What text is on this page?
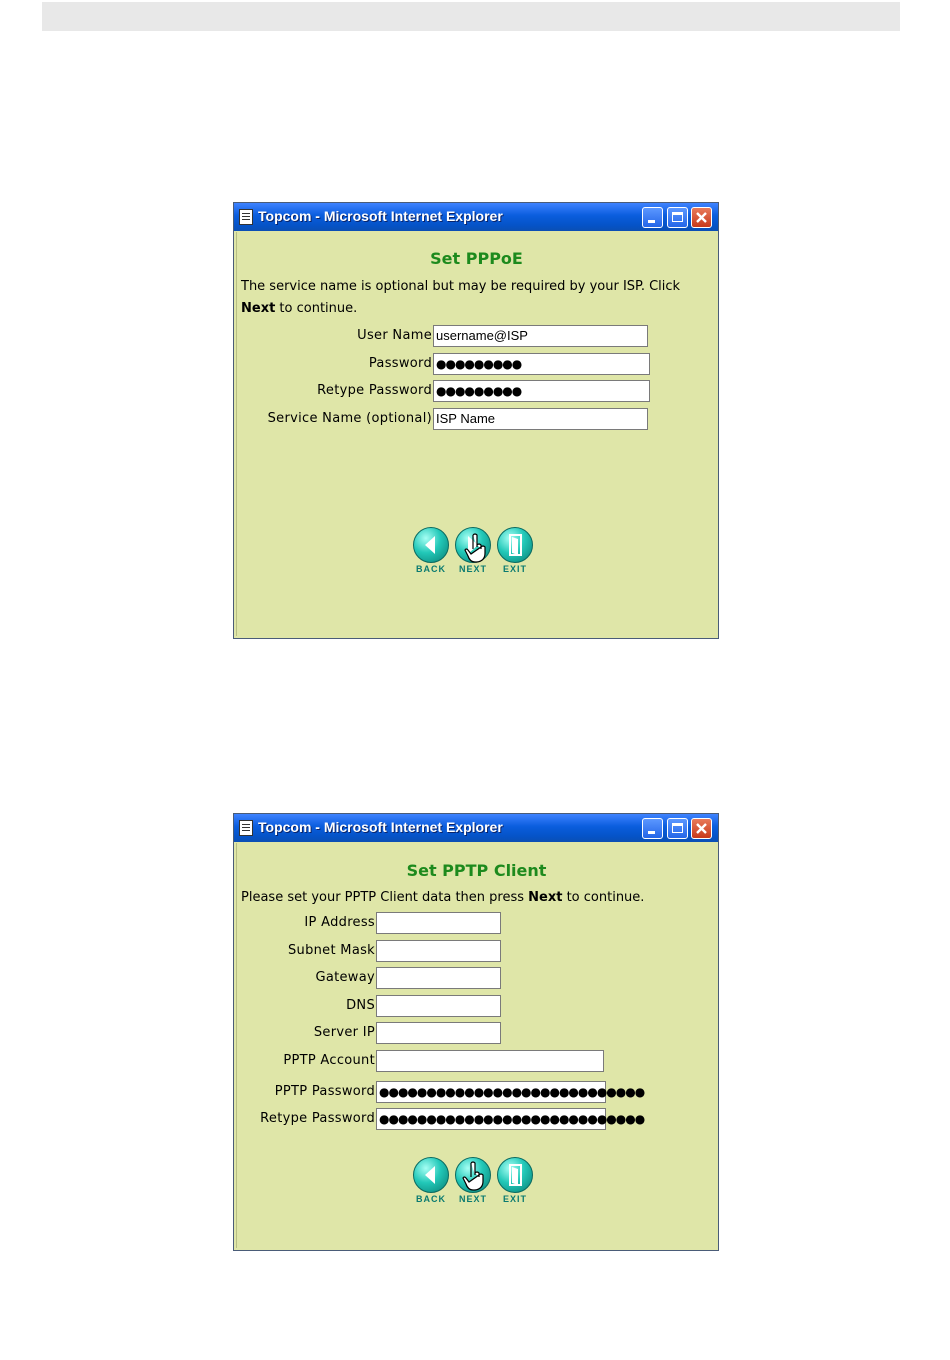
Topcom - Microsoft Internet Explorer
Set PPPoE
The service name is optional but may be required by your ISP. Click
Next to continue.
User Name username@ISP
Password ●●●●●●●●●
Retype Password ●●●●●●●●●
Service Name (optional) ISP Name
BACK	NEXT	EXIT
Topcom - Microsoft Internet Explorer
Set PPTP Client
Please set your PPTP Client data then press Next to continue.
IP Address
Subnet Mask
Gateway
DNS
Server IP
PPTP Account
PPTP Password ●●●●●●●●●●●●●●●●●●●●●●●●●●●●
Retype Password ●●●●●●●●●●●●●●●●●●●●●●●●●●●●
BACK	NEXT	EXIT
